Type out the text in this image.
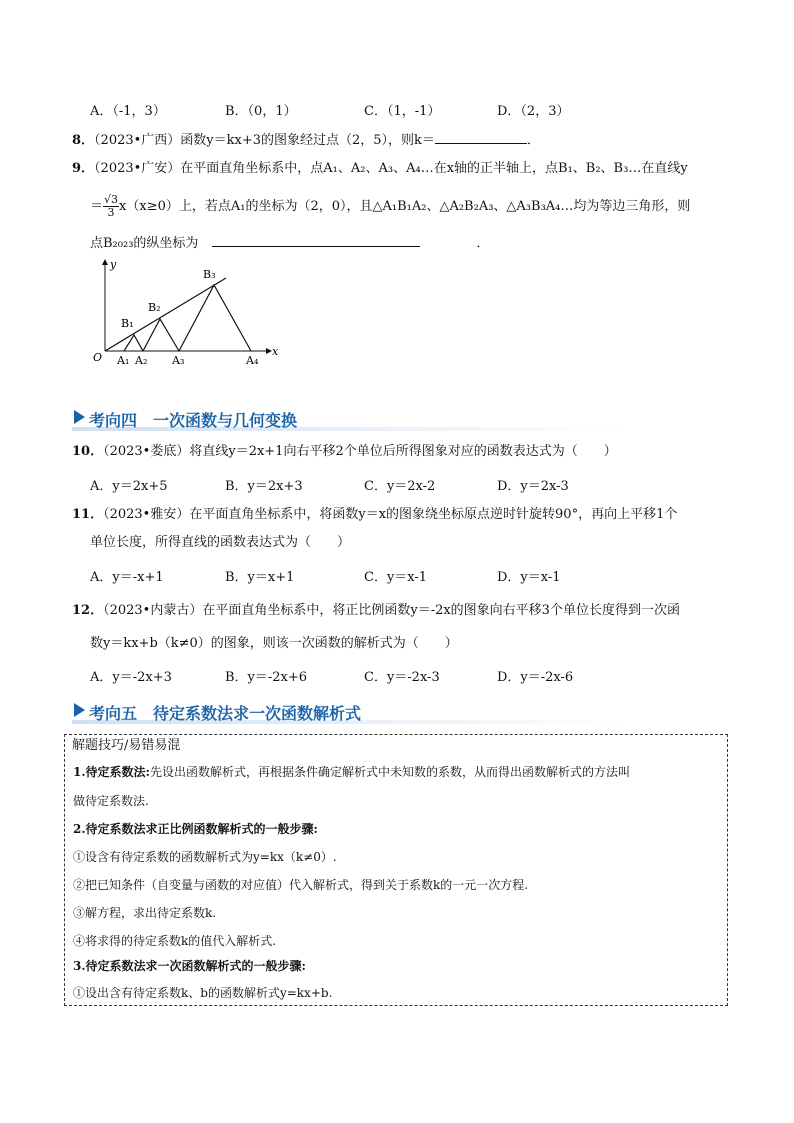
A．（-1，3）	B．（0，1）	C．（1，-1）	D．（2，3）
8．（2023•广西）函数y＝kx+3的图象经过点（2，5），则k＝	．
9．（2023•广安）在平面直角坐标系中，点A₁、A₂、A₃、A₄…在x轴的正半轴上，点B₁、B₂、B₃…在直线y
＝ $\frac{√3}{3} x(x\ge 0)$上，若点A₁的坐标为（2，0），且△A₁B₁A₂、△A₂B₂A₃、△A₃B₃A₄…均为等边三角形，则
点B₂₀₂₃的纵坐标为	．
y
x
O
B₁
B₂
B₃
A₁ A₂ A₃	A₄
考向四　一次函数与几何变换
10．（2023•娄底）将直线y＝2x+1向右平移2个单位后所得图象对应的函数表达式为（　　）
A．y＝2x+5	B．y＝2x+3	C．y＝2x-2	D．y＝2x-3
11．（2023•雅安）在平面直角坐标系中，将函数y＝x的图象绕坐标原点逆时针旋转90°，再向上平移1个
单位长度，所得直线的函数表达式为（　　）
A．y＝-x+1	B．y＝x+1	C．y＝x-1	D．y＝x-1
12．（2023•内蒙古）在平面直角坐标系中，将正比例函数y＝-2x的图象向右平移3个单位长度得到一次函
数y＝kx+b（k≠0）的图象，则该一次函数的解析式为（　　）
A．y＝-2x+3	B．y＝-2x+6	C．y＝-2x-3	D．y＝-2x-6
考向五　待定系数法求一次函数解析式
解题技巧/易错易混
1.待定系数法:先设出函数解析式，再根据条件确定解析式中未知数的系数，从而得出函数解析式的方法叫
做待定系数法.
2.待定系数法求正比例函数解析式的一般步骤:
①设含有待定系数的函数解析式为y=kx（k≠0）.
②把已知条件（自变量与函数的对应值）代入解析式，得到关于系数k的一元一次方程.
③解方程，求出待定系数k.
④将求得的待定系数k的值代入解析式.
3.待定系数法求一次函数解析式的一般步骤:
①设出含有待定系数k、b的函数解析式y=kx+b.
